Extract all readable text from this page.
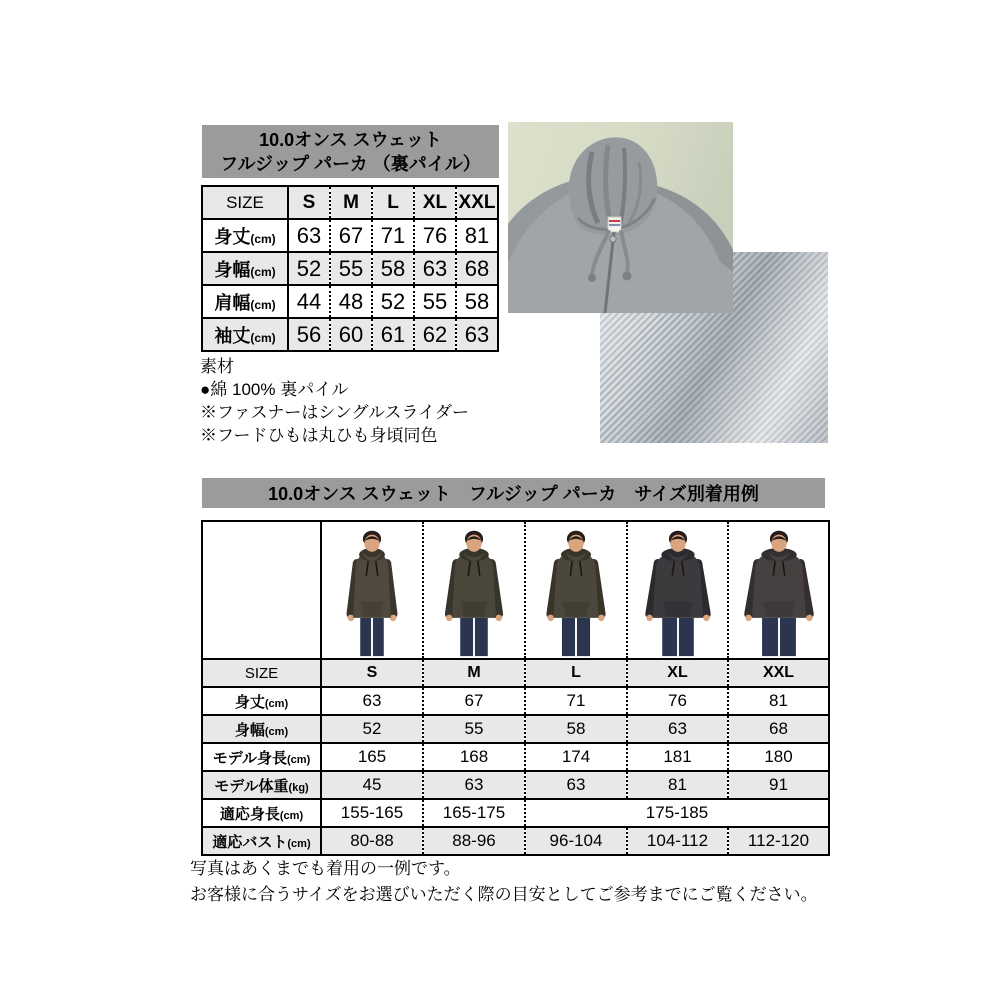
10.0オンス スウェット
フルジップ パーカ （裏パイル）
SIZE	S	M	L	XL	XXL
身丈(cm)	63	67	71	76	81
身幅(cm)	52	55	58	63	68
肩幅(cm)	44	48	52	55	58
袖丈(cm)	56	60	61	62	63
素材
●綿 100% 裏パイル
※ファスナーはシングルスライダー
※フードひもは丸ひも身頃同色
10.0オンス スウェット　フルジップ パーカ　サイズ別着用例

SIZE	S	M	L	XL	XXL
身丈(cm)	63	67	71	76	81
身幅(cm)	52	55	58	63	68
モデル身長(cm)	165	168	174	181	180
モデル体重(kg)	45	63	63	81	91
適応身長(cm)	155-165	165-175	175-185		
適応バスト(cm)	80-88	88-96	96-104	104-112	112-120
写真はあくまでも着用の一例です。
お客様に合うサイズをお選びいただく際の目安としてご参考までにご覧ください。
